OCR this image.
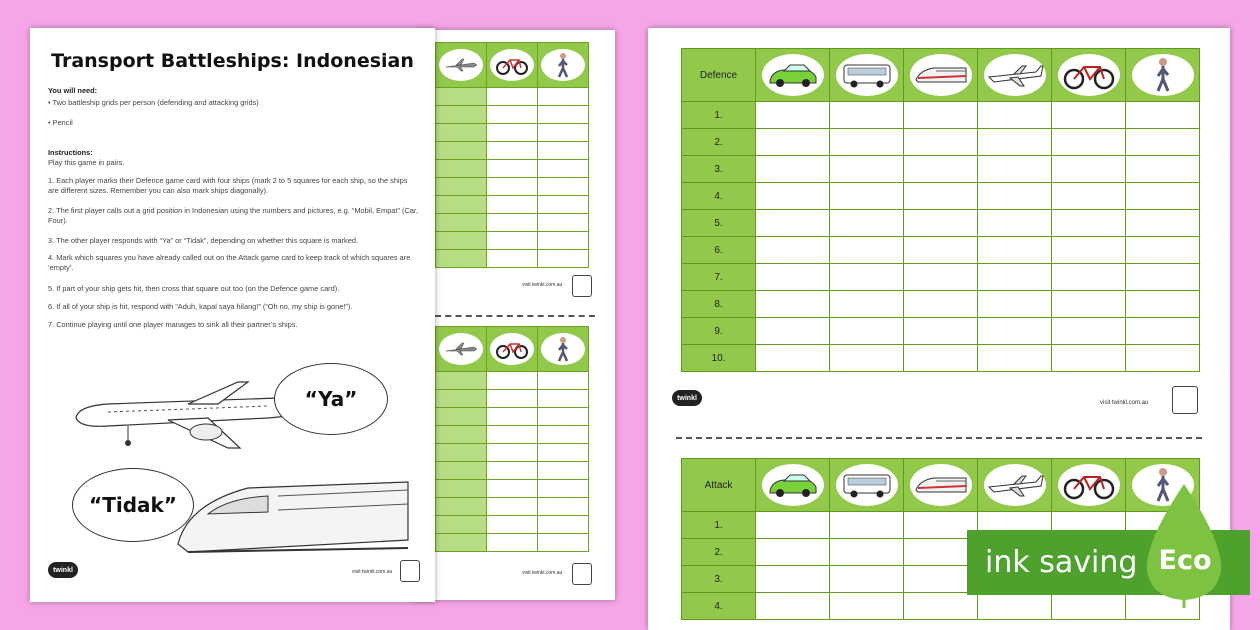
visit twinkl.com.au

visit twinkl.com.au
Transport Battleships: Indonesian
You will need:
• Two battleship grids per person (defending and attacking grids)
• Pencil
Instructions:
Play this game in pairs.
1. Each player marks their Defence game card with four ships (mark 2 to 5 squares for each ship, so the ships are different sizes. Remember you can also mark ships diagonally).
2. The first player calls out a grid position in Indonesian using the numbers and pictures, e.g. “Mobil, Empat” (Car, Four).
3. The other player responds with “Ya” or “Tidak”, depending on whether this square is marked.
4. Mark which squares you have already called out on the Attack game card to keep track of which squares are ‘empty’.
5. If part of your ship gets hit, then cross that square out too (on the Defence game card).
6. If all of your ship is hit, respond with “Aduh, kapal saya hilang!” (“Oh no, my ship is gone!”).
7. Continue playing until one player manages to sink all their partner’s ships.
“Ya”
“Tidak”
twinkl	visit twinkl.com.au
Defence	

1.						
2.						
3.						
4.						
5.						
6.						
7.						
8.						
9.						
10.						
twinkl
visit twinkl.com.au
Attack	

1.						
2.						
3.						
4.						
ink saving Eco
